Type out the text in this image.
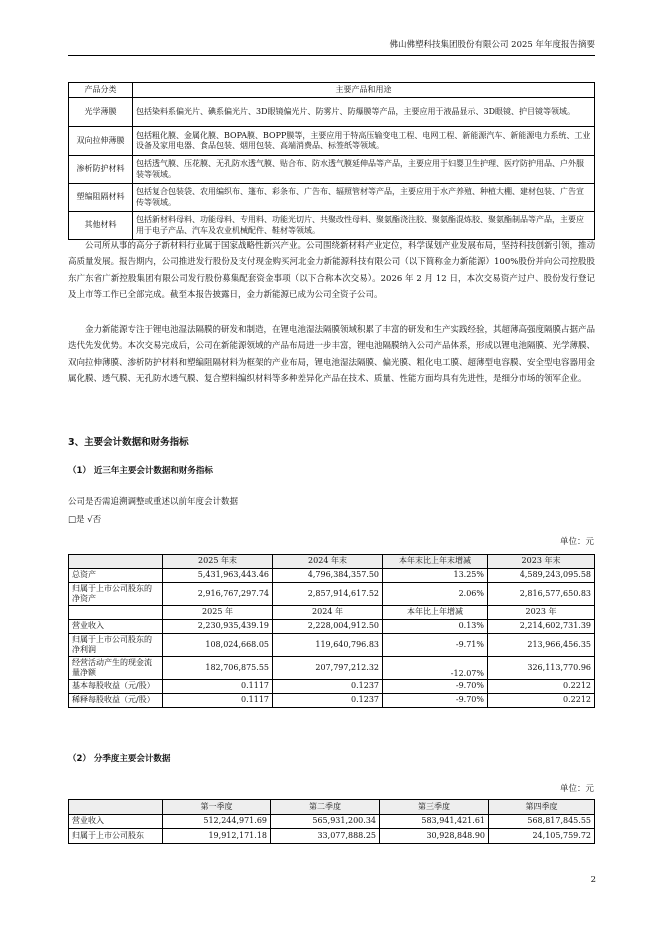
佛山佛塑科技集团股份有限公司 2025 年年度报告摘要
产品分类	主要产品和用途
光学薄膜	包括染料系偏光片、碘系偏光片、3D眼镜偏光片、防雾片、防爆膜等产品，主要应用于液晶显示、3D眼镜、护目镜等领域。
双向拉伸薄膜	包括粗化膜、金属化膜、BOPA膜、BOPP膜等，主要应用于特高压输变电工程、电网工程、新能源汽车、新能源电力系统、工业设备及家用电器、食品包装、烟用包装、高端消费品、标签纸等领域。
渗析防护材料	包括透气膜、压花膜、无孔防水透气膜、贴合布、防水透气膜延伸品等产品，主要应用于妇婴卫生护理、医疗防护用品、户外服装等领域。
塑编阻隔材料	包括复合包装袋、农用编织布、篷布、彩条布、广告布、辐照管材等产品，主要应用于水产养殖、种植大棚、建材包装、广告宣传等领域。
其他材料	包括新材料母料、功能母料、专用料、功能光切片、共聚改性母料、聚氨酯浇注胶、聚氨酯混炼胶、聚氨酯制品等产品，主要应用于电子产品、汽车及农业机械配件、鞋材等领域。

公司所从事的高分子新材料行业属于国家战略性新兴产业。公司围绕新材料产业定位，科学谋划产业发展布局，坚持科技创新引领，推动高质量发展。报告期内，公司推进发行股份及支付现金购买河北金力新能源科技有限公司（以下简称金力新能源）100%股份并向公司控股股东广东省广新控股集团有限公司发行股份募集配套资金事项（以下合称本次交易）。2026 年 2 月 12 日，本次交易资产过户、股份发行登记及上市等工作已全部完成。截至本报告披露日，金力新能源已成为公司全资子公司。

金力新能源专注于锂电池湿法隔膜的研发和制造，在锂电池湿法隔膜领域积累了丰富的研发和生产实践经验，其超薄高强度隔膜占据产品迭代先发优势。本次交易完成后，公司在新能源领域的产品布局进一步丰富，锂电池隔膜纳入公司产品体系，形成以锂电池隔膜、光学薄膜、双向拉伸薄膜、渗析防护材料和塑编阻隔材料为框架的产业布局，锂电池湿法隔膜、偏光膜、粗化电工膜、超薄型电容膜、安全型电容器用金属化膜、透气膜、无孔防水透气膜、复合塑料编织材料等多种差异化产品在技术、质量、性能方面均具有先进性，是细分市场的领军企业。

3、主要会计数据和财务指标
（1） 近三年主要会计数据和财务指标
公司是否需追溯调整或重述以前年度会计数据
□是 √否
单位：元
	2025 年末	2024 年末	本年末比上年末增减	2023 年末
总资产	5,431,963,443.46	4,796,384,357.50	13.25%	4,589,243,095.58
归属于上市公司股东的净资产	2,916,767,297.74	2,857,914,617.52	2.06%	2,816,577,650.83
	2025 年	2024 年	本年比上年增减	2023 年
营业收入	2,230,935,439.19	2,228,004,912.50	0.13%	2,214,602,731.39
归属于上市公司股东的净利润	108,024,668.05	119,640,796.83	-9.71%	213,966,456.35
经营活动产生的现金流量净额	182,706,875.55	207,797,212.32	-12.07%	326,113,770.96
基本每股收益（元/股）	0.1117	0.1237	-9.70%	0.2212
稀释每股收益（元/股）	0.1117	0.1237	-9.70%	0.2212
（2） 分季度主要会计数据
单位：元
	第一季度	第二季度	第三季度	第四季度
营业收入	512,244,971.69	565,931,200.34	583,941,421.61	568,817,845.55
归属于上市公司股东	19,912,171.18	33,077,888.25	30,928,848.90	24,105,759.72
2
